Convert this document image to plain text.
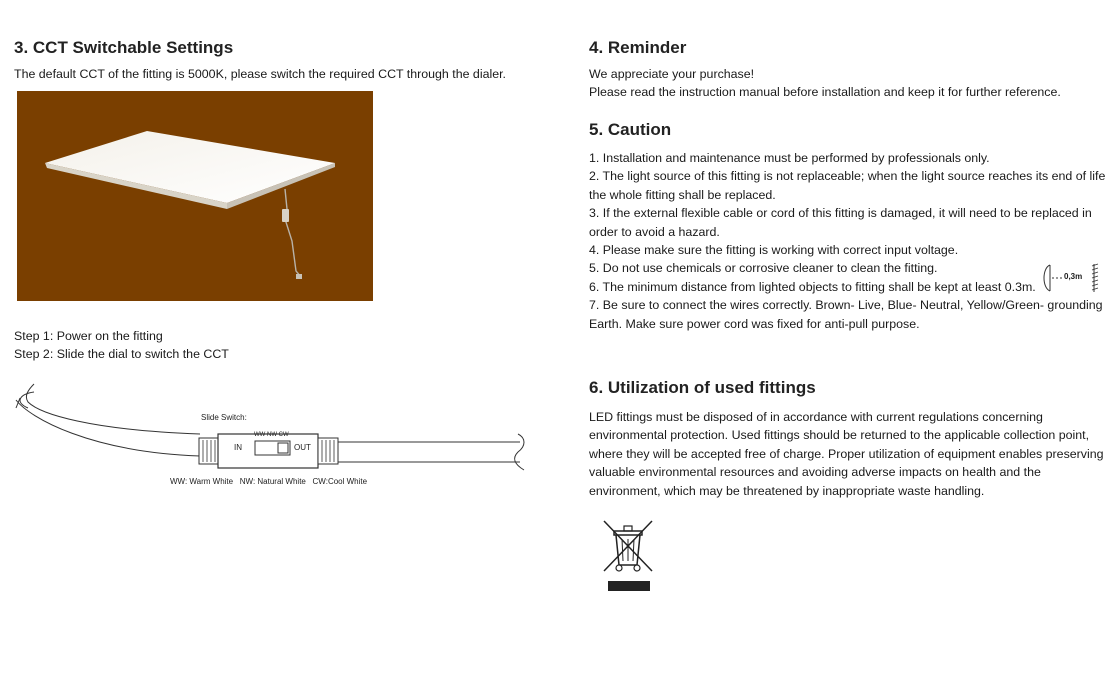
3. CCT Switchable Settings

The default CCT of the fitting is 5000K, please switch the required CCT through the dialer.

Step 1: Power on the fitting
Step 2: Slide the dial to switch the CCT

Slide Switch:
IN	OUT
WW NW CW
WW: Warm White   NW: Natural White   CW:Cool White
4. Reminder

We appreciate your purchase!
Please read the instruction manual before installation and keep it for further reference.

5. Caution

1. Installation and maintenance must be performed by professionals only.
2. The light source of this fitting is not replaceable; when the light source reaches its end of life
the whole fitting shall be replaced.
3. If the external flexible cable or cord of this fitting is damaged, it will need to be replaced in
order to avoid a hazard.
4. Please make sure the fitting is working with correct input voltage.
5. Do not use chemicals or corrosive cleaner to clean the fitting.
6. The minimum distance from lighted objects to fitting shall be kept at least 0.3m.
7. Be sure to connect the wires correctly. Brown- Live, Blue- Neutral, Yellow/Green- grounding
Earth. Make sure power cord was fixed for anti-pull purpose.

0,3m
6. Utilization of used fittings

LED fittings must be disposed of in accordance with current regulations concerning
environmental protection. Used fittings should be returned to the applicable collection point,
where they will be accepted free of charge. Proper utilization of equipment enables preserving
valuable environmental resources and avoiding adverse impacts on health and the
environment, which may be threatened by inappropriate waste handling.
